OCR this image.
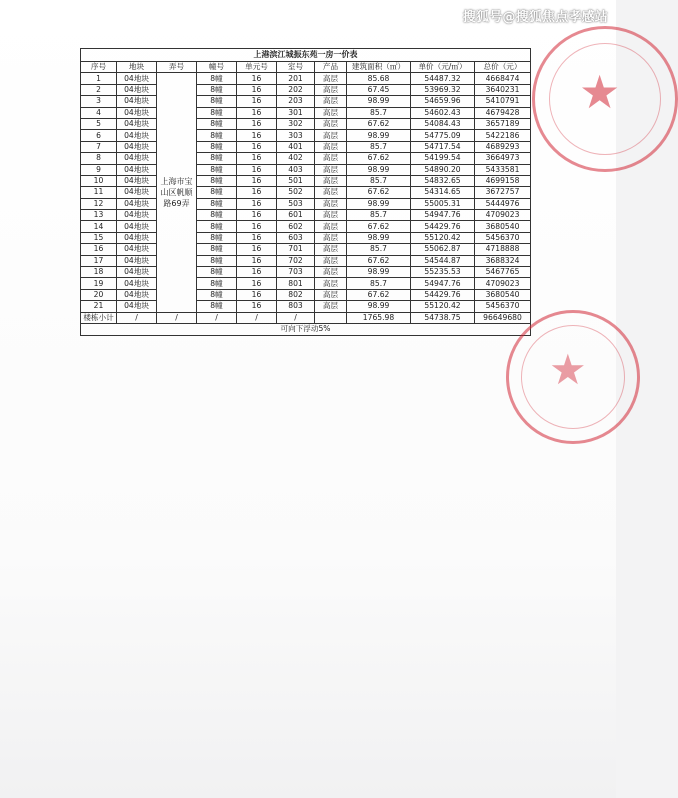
搜狐号@搜狐焦点孝感站
上港滨江城振东苑一房一价表									
序号	地块	弄号	幢号	单元号	室号	产品	建筑面积（㎡）	单价（元/㎡）	总价（元）
1	04地块	上海市宝山区帆顺路69弄	8幢	16	201	高层	85.68	54487.32	4668474
2	04地块		8幢	16	202	高层	67.45	53969.32	3640231
3	04地块		8幢	16	203	高层	98.99	54659.96	5410791
4	04地块		8幢	16	301	高层	85.7	54602.43	4679428
5	04地块		8幢	16	302	高层	67.62	54084.43	3657189
6	04地块		8幢	16	303	高层	98.99	54775.09	5422186
7	04地块		8幢	16	401	高层	85.7	54717.54	4689293
8	04地块		8幢	16	402	高层	67.62	54199.54	3664973
9	04地块		8幢	16	403	高层	98.99	54890.20	5433581
10	04地块		8幢	16	501	高层	85.7	54832.65	4699158
11	04地块		8幢	16	502	高层	67.62	54314.65	3672757
12	04地块		8幢	16	503	高层	98.99	55005.31	5444976
13	04地块		8幢	16	601	高层	85.7	54947.76	4709023
14	04地块		8幢	16	602	高层	67.62	54429.76	3680540
15	04地块		8幢	16	603	高层	98.99	55120.42	5456370
16	04地块		8幢	16	701	高层	85.7	55062.87	4718888
17	04地块		8幢	16	702	高层	67.62	54544.87	3688324
18	04地块		8幢	16	703	高层	98.99	55235.53	5467765
19	04地块		8幢	16	801	高层	85.7	54947.76	4709023
20	04地块		8幢	16	802	高层	67.62	54429.76	3680540
21	04地块		8幢	16	803	高层	98.99	55120.42	5456370
楼栋小计	/	/	/	/	/		1765.98	54738.75	96649680
可向下浮动5%									
★
★
